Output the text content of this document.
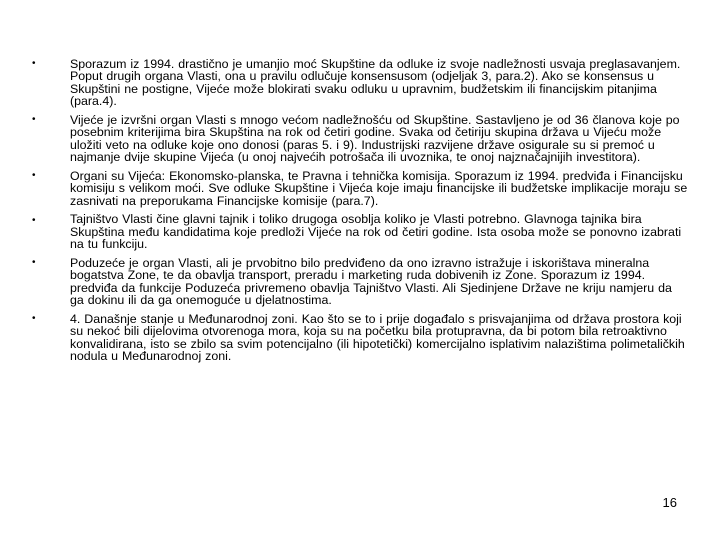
•	Sporazum iz 1994. drastično je umanjio moć Skupštine da odluke iz svoje nadležnosti usvaja preglasavanjem. Poput drugih organa Vlasti, ona u pravilu odlučuje konsensusom (odjeljak 3, para.2). Ako se konsensus u Skupštini ne postigne, Vijeće može blokirati svaku odluku u upravnim, budžetskim ili financijskim pitanjima (para.4).
•	Vijeće je izvršni organ Vlasti s mnogo većom nadležnošću od Skupštine. Sastavljeno je od 36 članova koje po posebnim kriterijima bira Skupština na rok od četiri godine. Svaka od četiriju skupina država u Vijeću može uložiti veto na odluke koje ono donosi (paras 5. i 9). Industrijski razvijene države osigurale su si premoć u najmanje dvije skupine Vijeća (u onoj najvećih potrošača ili uvoznika, te onoj najznačajnijih investitora).
•	Organi su Vijeća: Ekonomsko-planska, te Pravna i tehnička komisija. Sporazum iz 1994. predviđa i Financijsku komisiju s velikom moći. Sve odluke Skupštine i Vijeća koje imaju financijske ili budžetske implikacije moraju se zasnivati na preporukama Financijske komisije (para.7).
•	Tajništvo Vlasti čine glavni tajnik i toliko drugoga osoblja koliko je Vlasti potrebno. Glavnoga tajnika bira Skupština među kandidatima koje predloži Vijeće na rok od četiri godine. Ista osoba može se ponovno izabrati na tu funkciju.
•	Poduzeće je organ Vlasti, ali je prvobitno bilo predviđeno da ono izravno istražuje i iskorištava mineralna bogatstva Zone, te da obavlja transport, preradu i marketing ruda dobivenih iz Zone. Sporazum iz 1994. predviđa da funkcije Poduzeća privremeno obavlja Tajništvo Vlasti. Ali Sjedinjene Države ne kriju namjeru da ga dokinu ili da ga onemoguće u djelatnostima.
•	4. Današnje stanje u Međunarodnoj zoni. Kao što se to i prije događalo s prisvajanjima od država prostora koji su nekoć bili dijelovima otvorenoga mora, koja su na početku bila protupravna, da bi potom bila retroaktivno konvalidirana, isto se zbilo sa svim potencijalno (ili hipotetički) komercijalno isplativim nalazištima polimetaličkih nodula u Međunarodnoj zoni.
16
